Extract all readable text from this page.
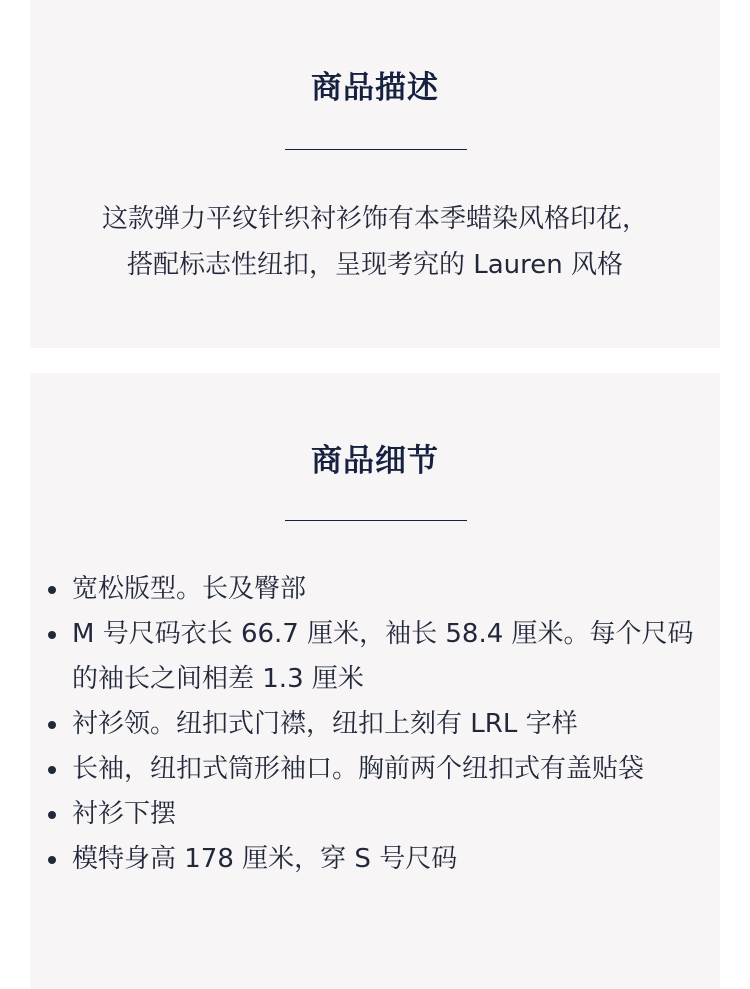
商品描述
这款弹力平纹针织衬衫饰有本季蜡染风格印花，
搭配标志性纽扣，呈现考究的 Lauren 风格
商品细节
宽松版型。长及臀部
M 号尺码衣长 66.7 厘米，袖长 58.4 厘米。每个尺码的袖长之间相差 1.3 厘米
衬衫领。纽扣式门襟，纽扣上刻有 LRL 字样
长袖，纽扣式筒形袖口。胸前两个纽扣式有盖贴袋
衬衫下摆
模特身高 178 厘米，穿 S 号尺码
